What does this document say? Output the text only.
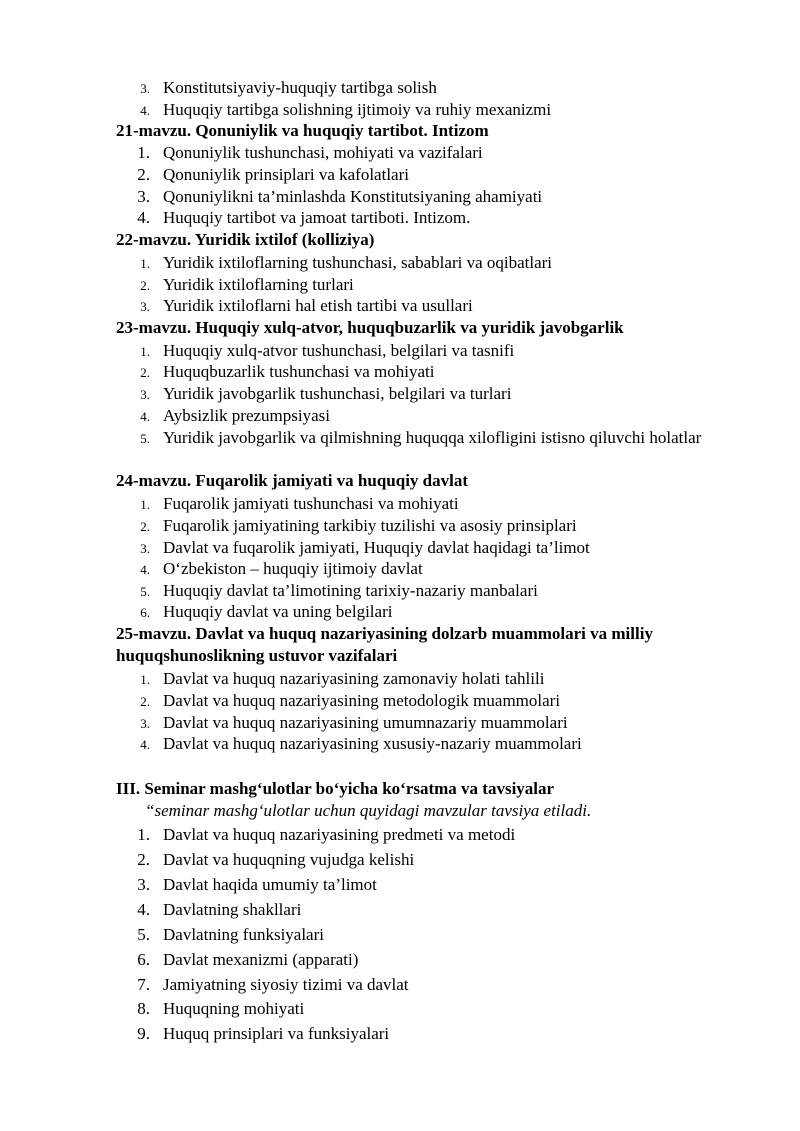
3. Konstitutsiyaviy-huquqiy tartibga solish
4. Huquqiy tartibga solishning ijtimoiy va ruhiy mexanizmi
21-mavzu. Qonuniylik va huquqiy tartibot. Intizom
1. Qonuniylik tushunchasi, mohiyati va vazifalari
2. Qonuniylik prinsiplari va kafolatlari
3. Qonuniylikni ta’minlashda Konstitutsiyaning ahamiyati
4. Huquqiy tartibot va jamoat tartiboti. Intizom.
22-mavzu. Yuridik ixtilof (kolliziya)
1. Yuridik ixtiloflarning tushunchasi, sabablari va oqibatlari
2. Yuridik ixtiloflarning turlari
3. Yuridik ixtiloflarni hal etish tartibi va usullari
23-mavzu. Huquqiy xulq-atvor, huquqbuzarlik va yuridik javobgarlik
1. Huquqiy xulq-atvor tushunchasi, belgilari va tasnifi
2. Huquqbuzarlik tushunchasi va mohiyati
3. Yuridik javobgarlik tushunchasi, belgilari va turlari
4. Aybsizlik prezumpsiyasi
5. Yuridik javobgarlik va qilmishning huquqqa xilofligini istisno qiluvchi holatlar
24-mavzu. Fuqarolik jamiyati va huquqiy davlat
1. Fuqarolik jamiyati tushunchasi va mohiyati
2. Fuqarolik jamiyatining tarkibiy tuzilishi va asosiy prinsiplari
3. Davlat va fuqarolik jamiyati, Huquqiy davlat haqidagi ta’limot
4. O‘zbekiston – huquqiy ijtimoiy davlat
5. Huquqiy davlat ta’limotining tarixiy-nazariy manbalari
6. Huquqiy davlat va uning belgilari
25-mavzu. Davlat va huquq nazariyasining dolzarb muammolari va milliy huquqshunoslikning ustuvor vazifalari
1. Davlat va huquq nazariyasining zamonaviy holati tahlili
2. Davlat va huquq nazariyasining metodologik muammolari
3. Davlat va huquq nazariyasining umumnazariy muammolari
4. Davlat va huquq nazariyasining xususiy-nazariy muammolari
III. Seminar mashg‘ulotlar bo‘yicha ko‘rsatma va tavsiyalar
“seminar mashg‘ulotlar uchun quyidagi mavzular tavsiya etiladi.
1. Davlat va huquq nazariyasining predmeti va metodi
2. Davlat va huquqning vujudga kelishi
3. Davlat haqida umumiy ta’limot
4. Davlatning shakllari
5. Davlatning funksiyalari
6. Davlat mexanizmi (apparati)
7. Jamiyatning siyosiy tizimi va davlat
8. Huquqning mohiyati
9. Huquq prinsiplari va funksiyalari
